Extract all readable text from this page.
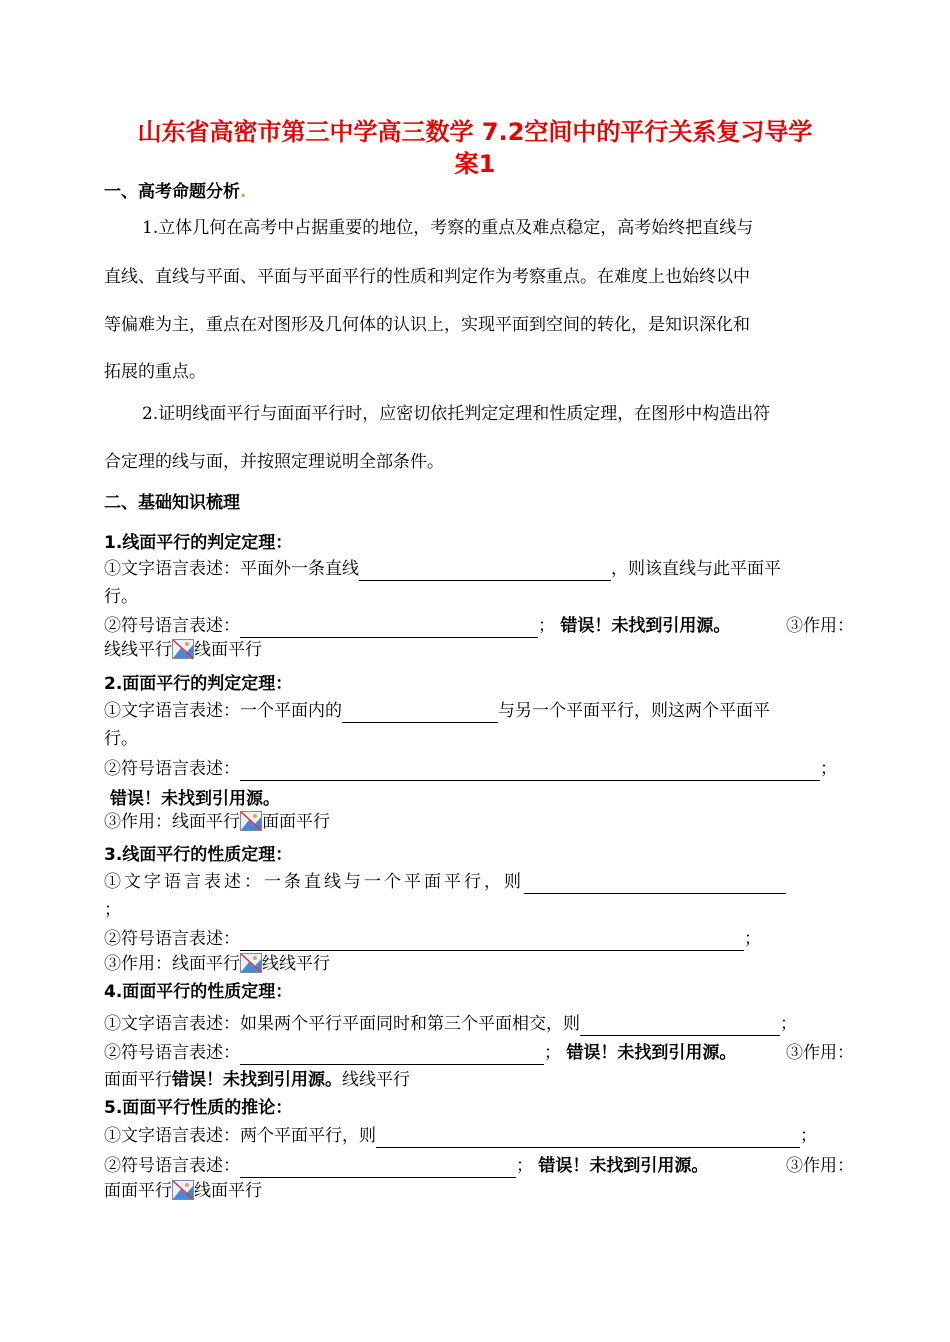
山东省高密市第三中学高三数学 7.2空间中的平行关系复习导学
案1
一、高考命题分析.
1.立体几何在高考中占据重要的地位，考察的重点及难点稳定，高考始终把直线与
直线、直线与平面、平面与平面平行的性质和判定作为考察重点。在难度上也始终以中
等偏难为主，重点在对图形及几何体的认识上，实现平面到空间的转化，是知识深化和
拓展的重点。
2.证明线面平行与面面平行时，应密切依托判定定理和性质定理，在图形中构造出符
合定理的线与面，并按照定理说明全部条件。
二、基础知识梳理
1.线面平行的判定定理：
①文字语言表述：平面外一条直线	，则该直线与此平面平
行。
②符号语言表述：	； 错误！未找到引用源。	③作用：
线线平行 线面平行
2.面面平行的判定定理：
①文字语言表述：一个平面内的	与另一个平面平行，则这两个平面平
行。
②符号语言表述：	；
错误！未找到引用源。
③作用：线面平行 面面平行
3.线面平行的性质定理：
①文字语言表述：一条直线与一个平面平行，则
；
②符号语言表述：	；
③作用：线面平行 线线平行
4.面面平行的性质定理：
①文字语言表述：如果两个平行平面同时和第三个平面相交，则	；
②符号语言表述：	； 错误！未找到引用源。	③作用：
面面平行错误！未找到引用源。线线平行
5.面面平行性质的推论：
①文字语言表述：两个平面平行，则	；
②符号语言表述：	； 错误！未找到引用源。	③作用：
面面平行 线面平行
